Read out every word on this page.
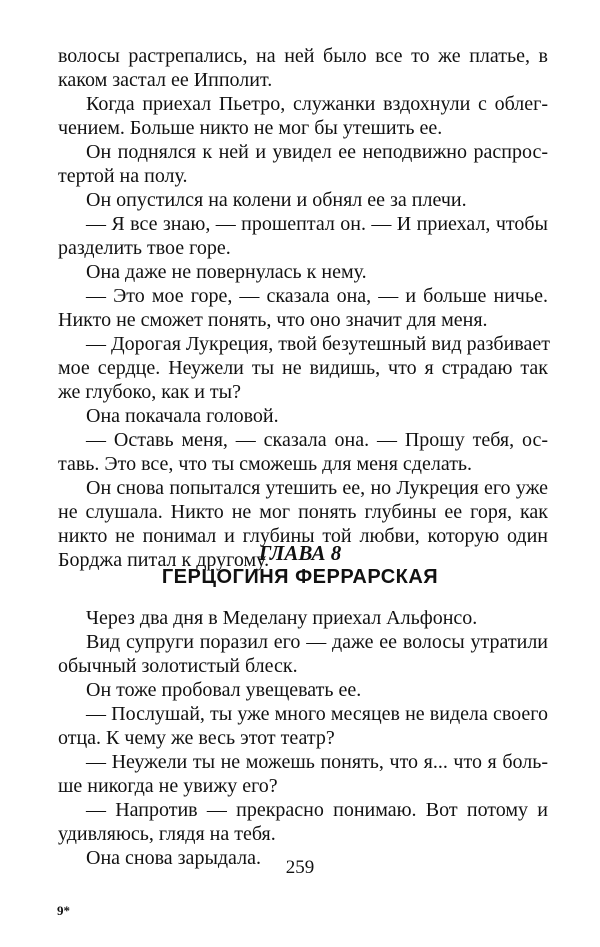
волосы растрепались, на ней было все то же платье, в
каком застал ее Ипполит.
Когда приехал Пьетро, служанки вздохнули с облег-
чением. Больше никто не мог бы утешить ее.
Он поднялся к ней и увидел ее неподвижно распрос-
тертой на полу.
Он опустился на колени и обнял ее за плечи.
— Я все знаю, — прошептал он. — И приехал, чтобы
разделить твое горе.
Она даже не повернулась к нему.
— Это мое горе, — сказала она, — и больше ничье.
Никто не сможет понять, что оно значит для меня.
— Дорогая Лукреция, твой безутешный вид разбивает
мое сердце. Неужели ты не видишь, что я страдаю так
же глубоко, как и ты?
Она покачала головой.
— Оставь меня, — сказала она. — Прошу тебя, ос-
тавь. Это все, что ты сможешь для меня сделать.
Он снова попытался утешить ее, но Лукреция его уже
не слушала. Никто не мог понять глубины ее горя, как
никто не понимал и глубины той любви, которую один
Борджа питал к другому.
ГЛАВА 8
ГЕРЦОГИНЯ ФЕРРАРСКАЯ
Через два дня в Меделану приехал Альфонсо.
Вид супруги поразил его — даже ее волосы утратили
обычный золотистый блеск.
Он тоже пробовал увещевать ее.
— Послушай, ты уже много месяцев не видела своего
отца. К чему же весь этот театр?
— Неужели ты не можешь понять, что я... что я боль-
ше никогда не увижу его?
— Напротив — прекрасно понимаю. Вот потому и
удивляюсь, глядя на тебя.
Она снова зарыдала.	259
9*
